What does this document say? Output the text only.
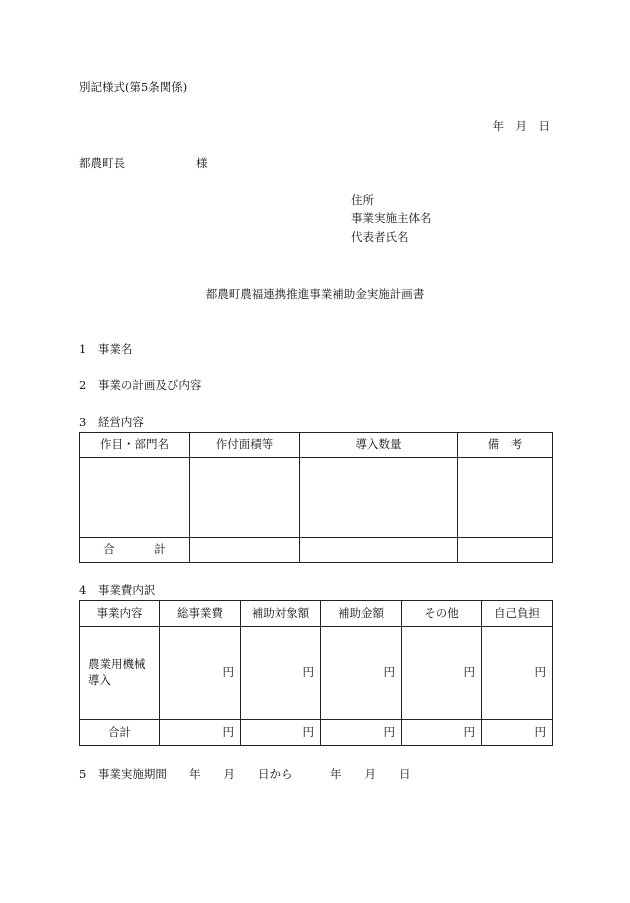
別記様式(第5条関係)
年　月　日
都農町長	様
住所
事業実施主体名
代表者氏名
都農町農福連携推進事業補助金実施計画書
1　事業名
2　事業の計画及び内容
3　経営内容
作目・部門名	作付面積等	導入数量	備　考

合　計			
4　事業費内訳
事業内容	総事業費	補助対象額	補助金額	その他	自己負担

農業用機械
導入	円	円	円	円	円
合計	円	円	円	円	円
5　事業実施期間 年　　月　　日から	年　　月　　日
